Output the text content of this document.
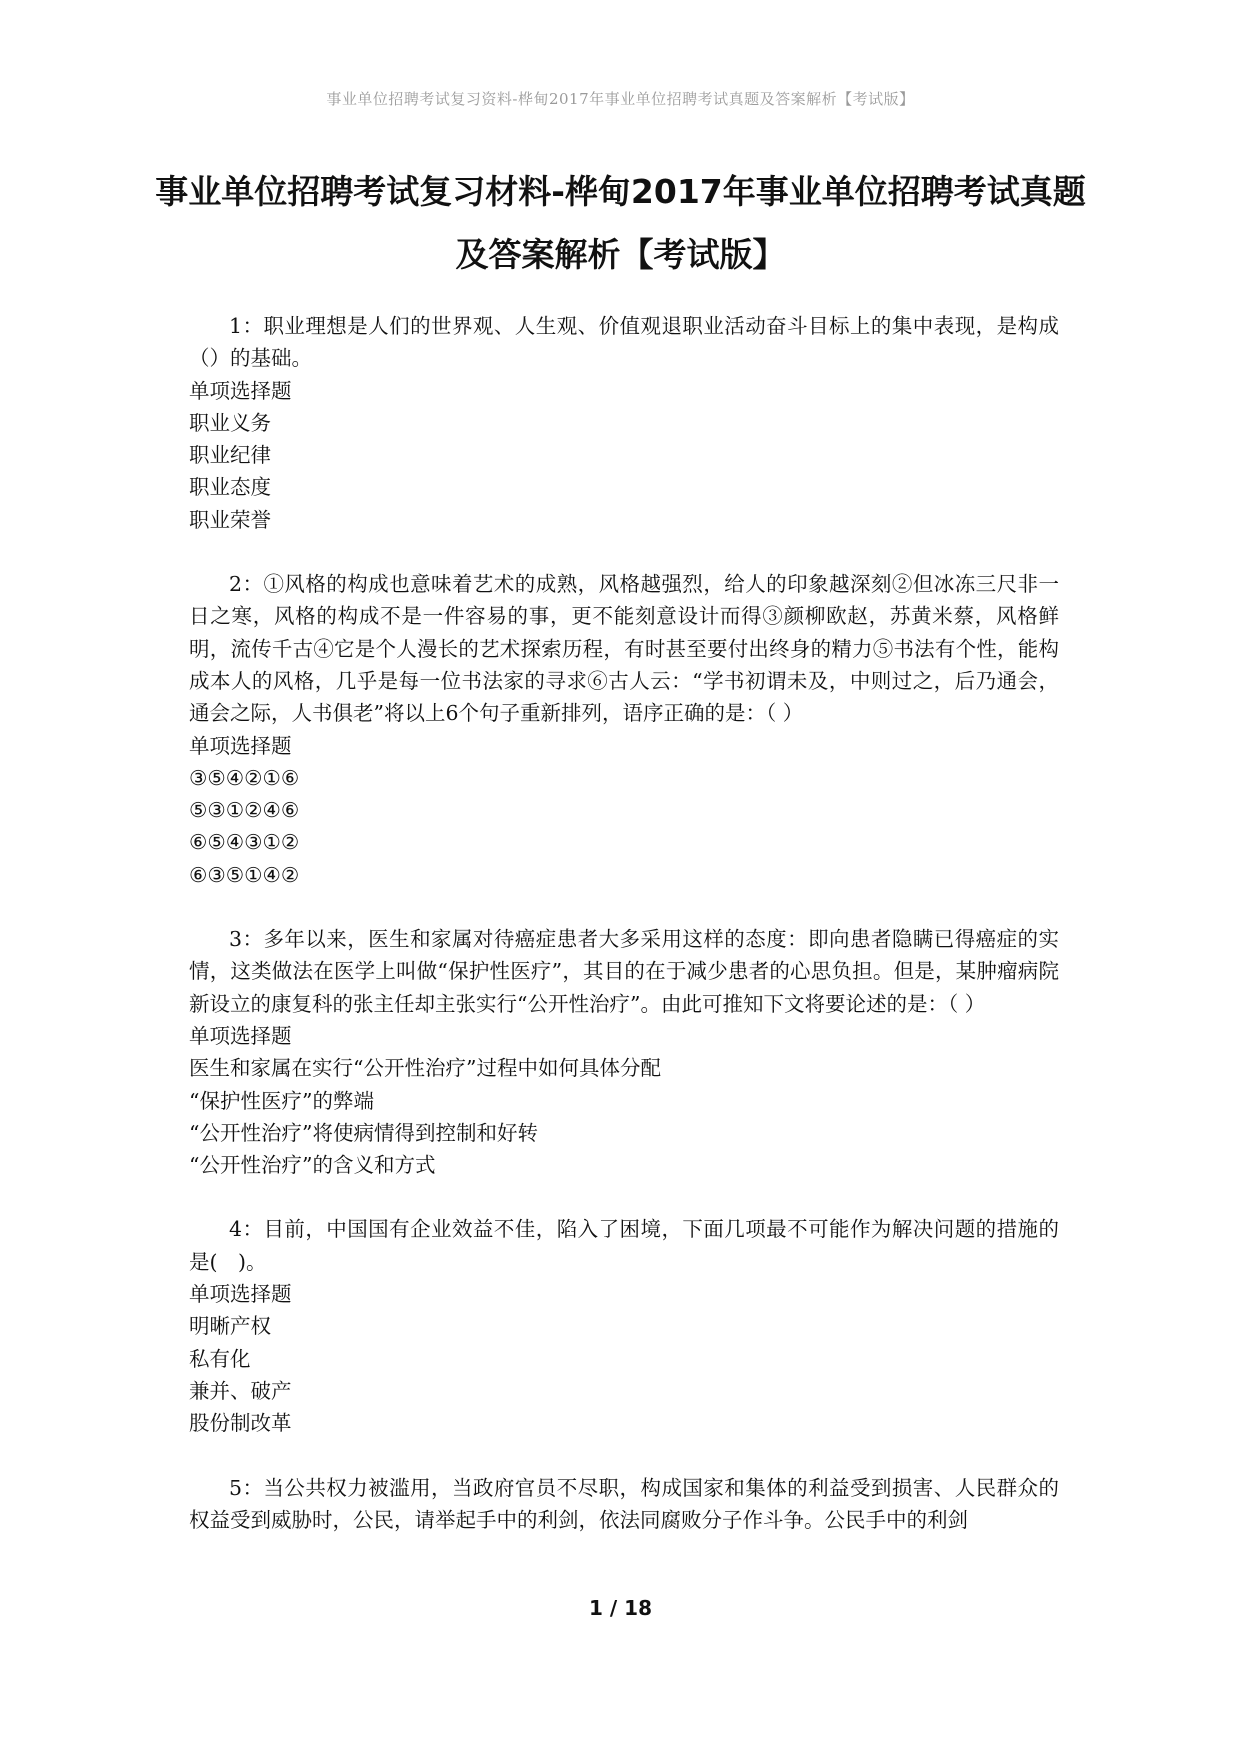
事业单位招聘考试复习资料-桦甸2017年事业单位招聘考试真题及答案解析【考试版】
事业单位招聘考试复习材料-桦甸2017年事业单位招聘考试真题及答案解析【考试版】
1：职业理想是人们的世界观、人生观、价值观退职业活动奋斗目标上的集中表现，是构成（）的基础。
单项选择题
职业义务
职业纪律
职业态度
职业荣誉
2：①风格的构成也意味着艺术的成熟，风格越强烈，给人的印象越深刻②但冰冻三尺非一日之寒，风格的构成不是一件容易的事，更不能刻意设计而得③颜柳欧赵，苏黄米蔡，风格鲜明，流传千古④它是个人漫长的艺术探索历程，有时甚至要付出终身的精力⑤书法有个性，能构成本人的风格，几乎是每一位书法家的寻求⑥古人云：“学书初谓未及，中则过之，后乃通会，通会之际，人书俱老”将以上6个句子重新排列，语序正确的是：（ ）
单项选择题
③⑤④②①⑥
⑤③①②④⑥
⑥⑤④③①②
⑥③⑤①④②
3：多年以来，医生和家属对待癌症患者大多采用这样的态度：即向患者隐瞒已得癌症的实情，这类做法在医学上叫做“保护性医疗”，其目的在于减少患者的心思负担。但是，某肿瘤病院新设立的康复科的张主任却主张实行“公开性治疗”。由此可推知下文将要论述的是：（ ）
单项选择题
医生和家属在实行“公开性治疗”过程中如何具体分配
“保护性医疗”的弊端
“公开性治疗”将使病情得到控制和好转
“公开性治疗”的含义和方式
4：目前，中国国有企业效益不佳，陷入了困境，下面几项最不可能作为解决问题的措施的是(　)。
单项选择题
明晰产权
私有化
兼并、破产
股份制改革
5：当公共权力被滥用，当政府官员不尽职，构成国家和集体的利益受到损害、人民群众的权益受到威胁时，公民，请举起手中的利剑，依法同腐败分子作斗争。公民手中的利剑
1 / 18
